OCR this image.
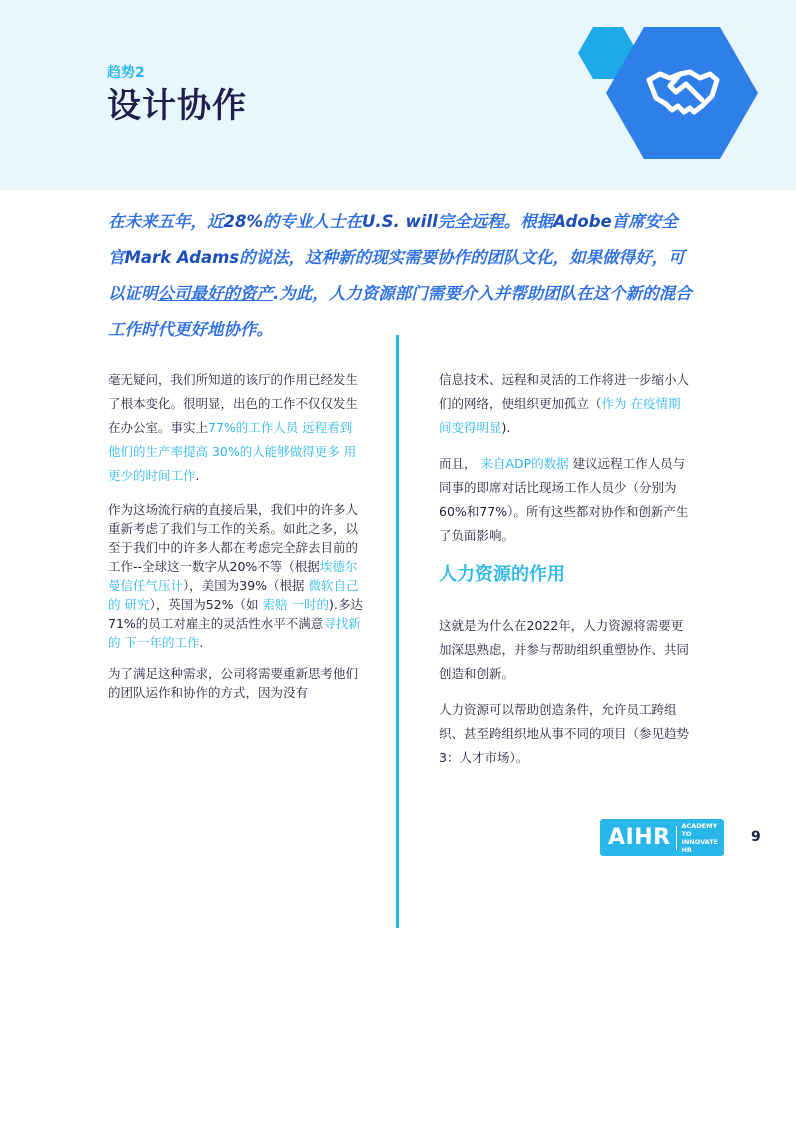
趋势2
设计协作
在未来五年，近28%的专业人士在U.S. will完全远程。根据Adobe首席安全官Mark Adams的说法，这种新的现实需要协作的团队文化，如果做得好，可以证明公司最好的资产.为此，人力资源部门需要介入并帮助团队在这个新的混合工作时代更好地协作。

毫无疑问，我们所知道的该厅的作用已经发生了根本变化。很明显，出色的工作不仅仅发生在办公室。事实上77%的工作人员 远程看到他们的生产率提高 30%的人能够做得更多 用更少的时间工作.

作为这场流行病的直接后果，我们中的许多人重新考虑了我们与工作的关系。如此之多，以至于我们中的许多人都在考虑完全辞去目前的工作--全球这一数字从20%不等（根据埃德尔曼信任气压计），美国为39%（根据 微软自己的 研究），英国为52%（如 索赔 一时的).多达71%的员工对雇主的灵活性水平不满意寻找新的 下一年的工作.

为了满足这种需求，公司将需要重新思考他们的团队运作和协作的方式，因为没有

信息技术、远程和灵活的工作将进一步缩小人们的网络，使组织更加孤立（作为 在疫情期间变得明显).

而且， 来自ADP的数据 建议远程工作人员与同事的即席对话比现场工作人员少（分别为60%和77%）。所有这些都对协作和创新产生了负面影响。

人力资源的作用

这就是为什么在2022年，人力资源将需要更加深思熟虑，并参与帮助组织重塑协作、共同创造和创新。

人力资源可以帮助创造条件，允许员工跨组织、甚至跨组织地从事不同的项目（参见趋势3：人才市场）。

AIHR ACADEMY TO
INNOVATE HR
9
